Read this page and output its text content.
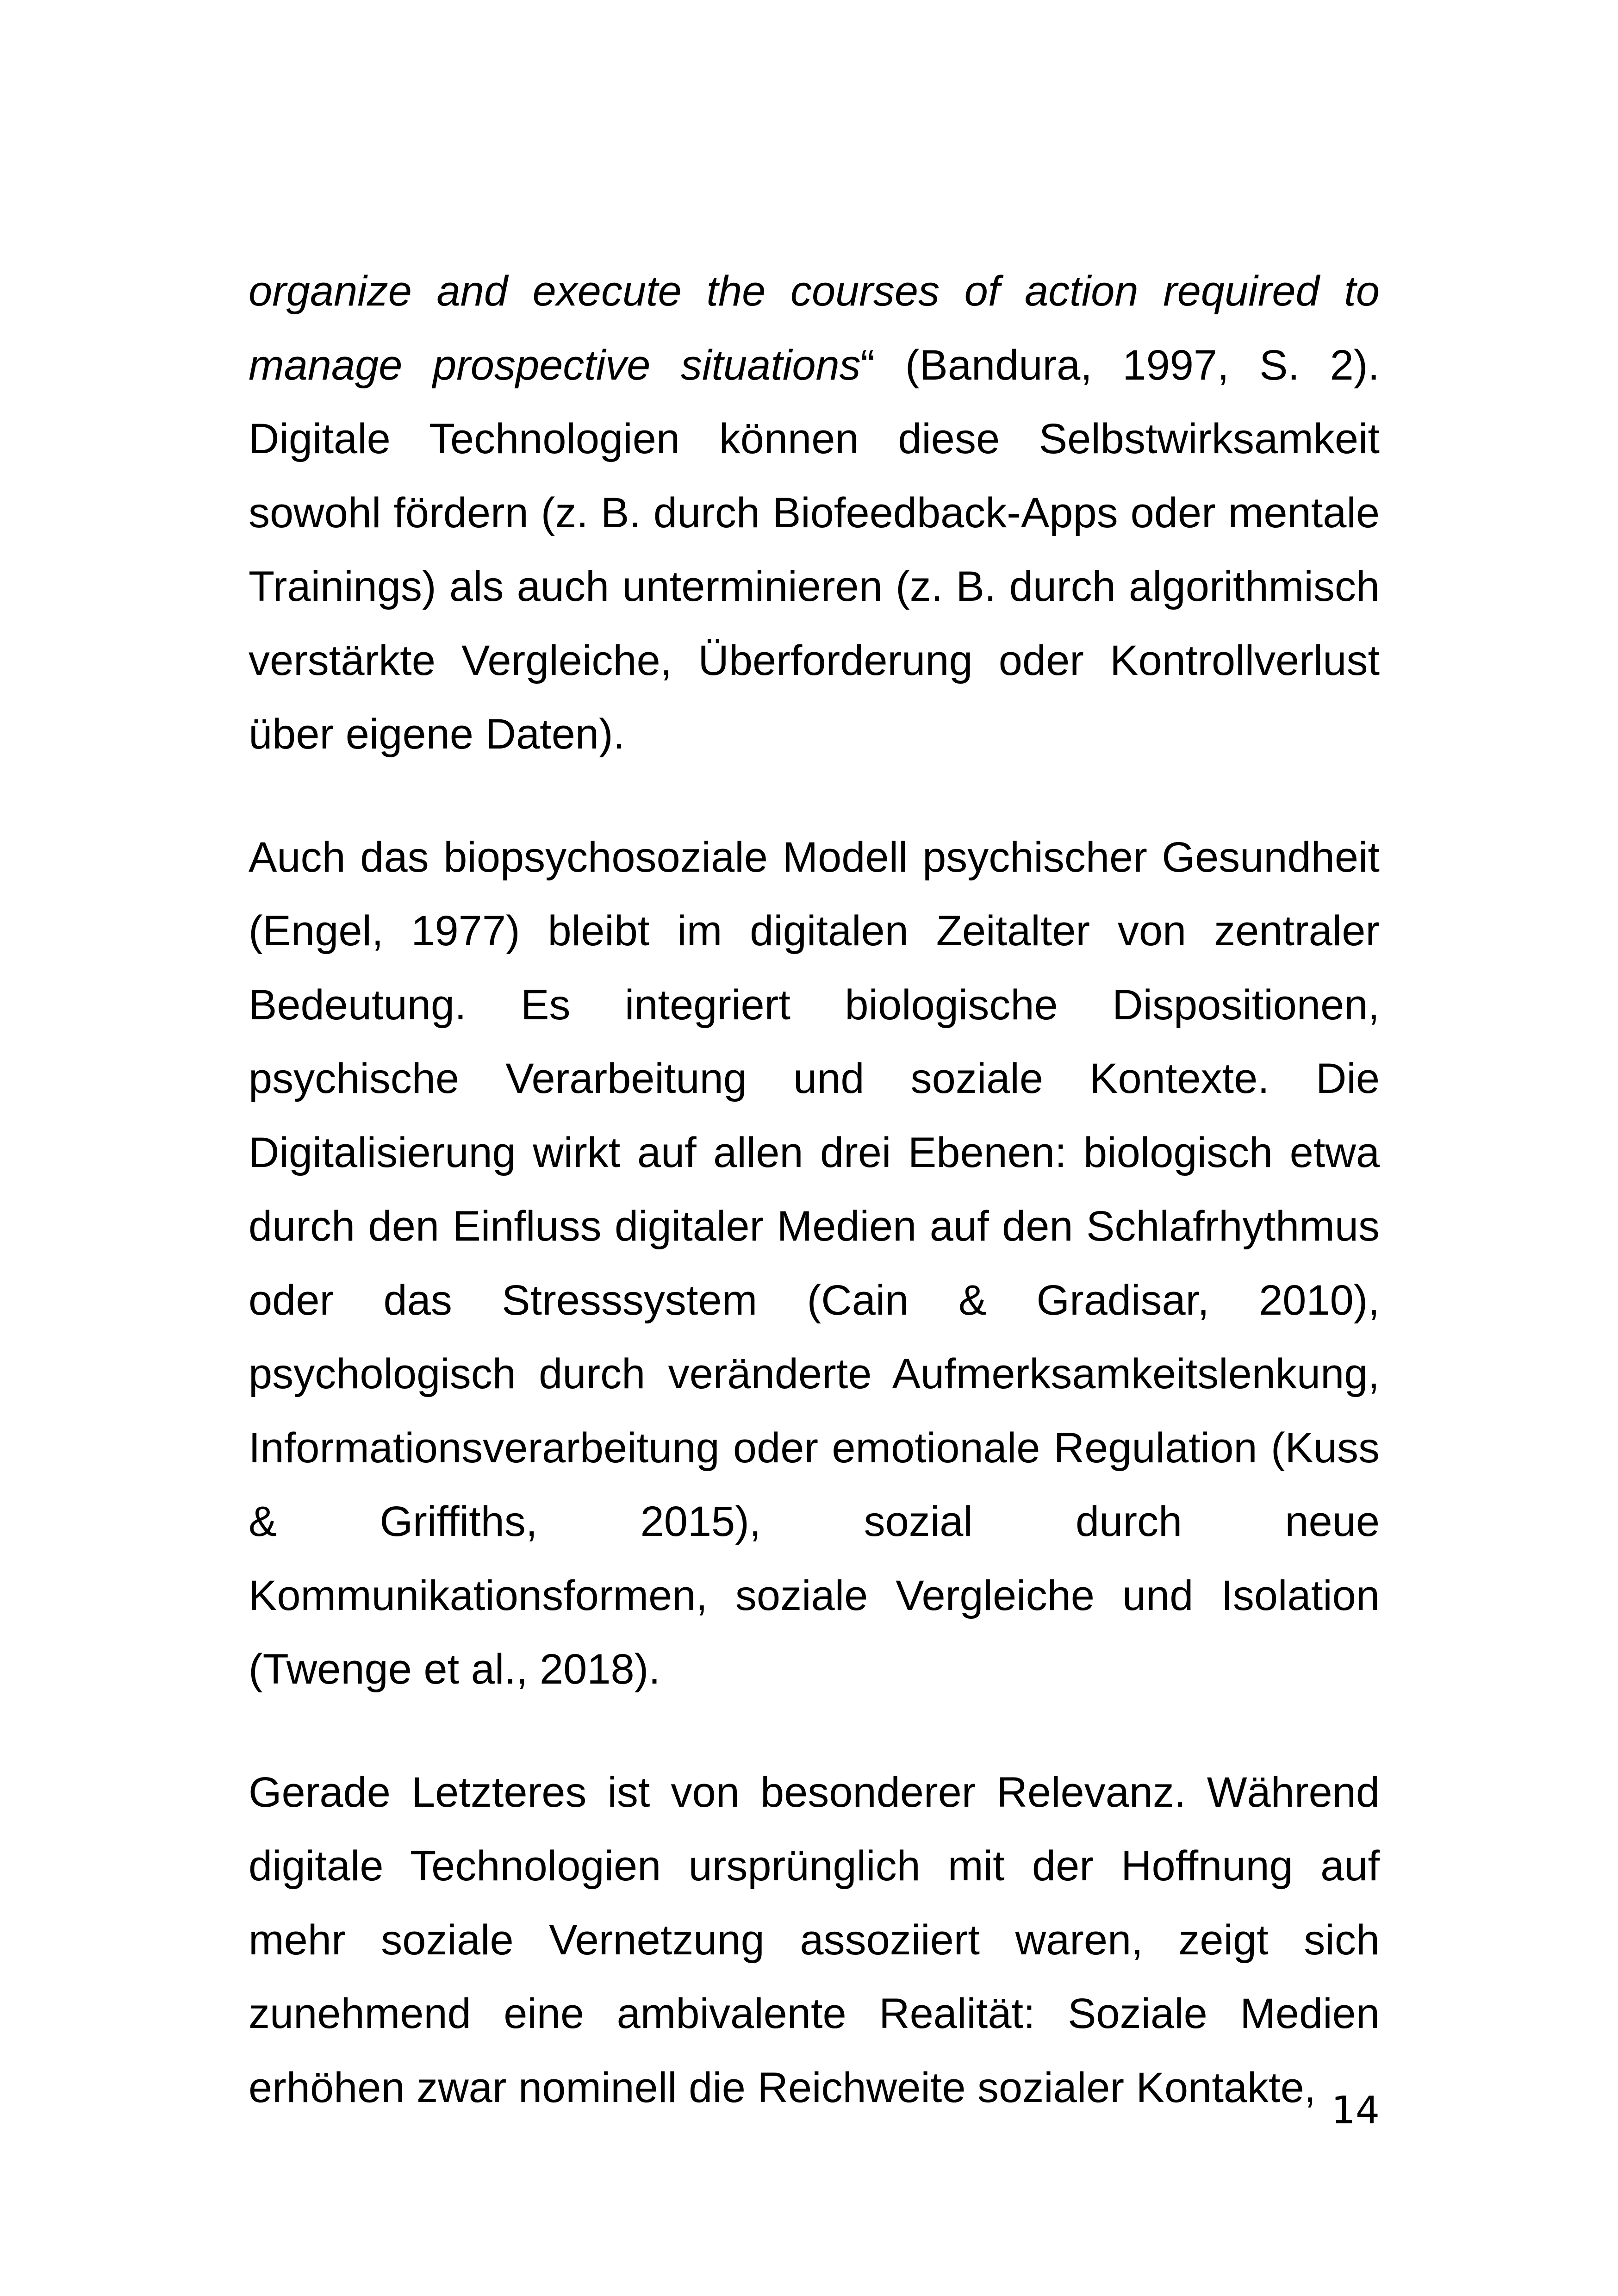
organize and execute the courses of action required to manage prospective situations“ (Bandura, 1997, S. 2). Digitale Technologien können diese Selbstwirksamkeit sowohl fördern (z. B. durch Biofeedback-Apps oder mentale Trainings) als auch unterminieren (z. B. durch algorithmisch verstärkte Vergleiche, Überforderung oder Kontrollverlust über eigene Daten).

Auch das biopsychosoziale Modell psychischer Gesundheit (Engel, 1977) bleibt im digitalen Zeitalter von zentraler Bedeutung. Es integriert biologische Dispositionen, psychische Verarbeitung und soziale Kontexte. Die Digitalisierung wirkt auf allen drei Ebenen: biologisch etwa durch den Einfluss digitaler Medien auf den Schlafrhythmus oder das Stresssystem (Cain & Gradisar, 2010), psychologisch durch veränderte Aufmerksamkeitslenkung, Informationsverarbeitung oder emotionale Regulation (Kuss & Griffiths, 2015), sozial durch neue Kommunikationsformen, soziale Vergleiche und Isolation (Twenge et al., 2018).

Gerade Letzteres ist von besonderer Relevanz. Während digitale Technologien ursprünglich mit der Hoffnung auf mehr soziale Vernetzung assoziiert waren, zeigt sich zunehmend eine ambivalente Realität: Soziale Medien erhöhen zwar nominell die Reichweite sozialer Kontakte, 14
